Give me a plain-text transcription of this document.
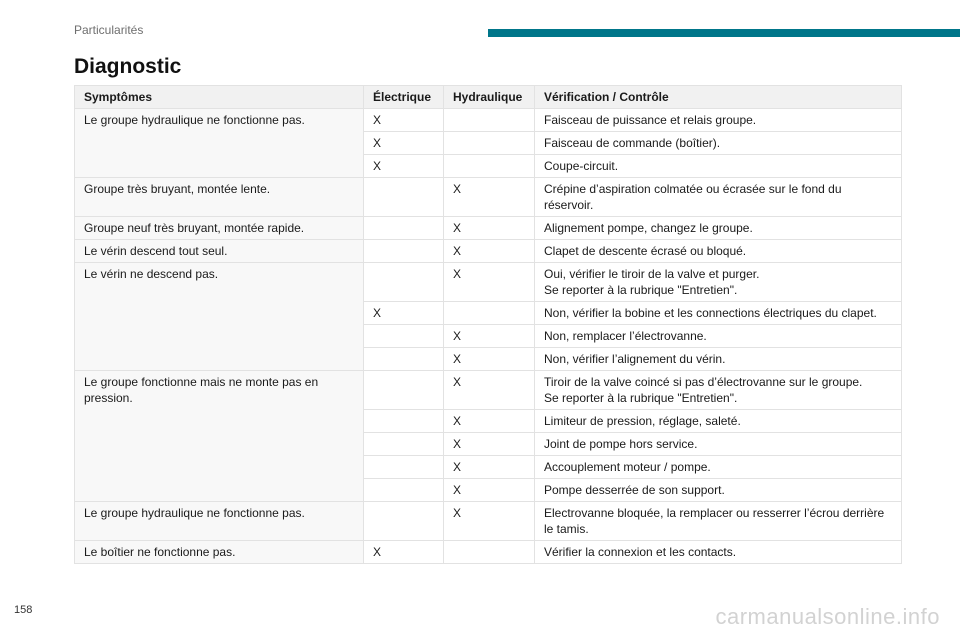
Particularités
Diagnostic
Symptômes	Électrique	Hydraulique	Vérification / Contrôle
Le groupe hydraulique ne fonctionne pas.	X		Faisceau de puissance et relais groupe.
	X		Faisceau de commande (boîtier).
	X		Coupe-circuit.
Groupe très bruyant, montée lente.		X	Crépine d’aspiration colmatée ou écrasée sur le fond du réservoir.
Groupe neuf très bruyant, montée rapide.		X	Alignement pompe, changez le groupe.
Le vérin descend tout seul.		X	Clapet de descente écrasé ou bloqué.
Le vérin ne descend pas.		X	Oui, vérifier le tiroir de la valve et purger.
Se reporter à la rubrique "Entretien".
	X		Non, vérifier la bobine et les connections électriques du clapet.
		X	Non, remplacer l’électrovanne.
		X	Non, vérifier l’alignement du vérin.
Le groupe fonctionne mais ne monte pas en pression.		X	Tiroir de la valve coincé si pas d’électrovanne sur le groupe.
Se reporter à la rubrique "Entretien".
		X	Limiteur de pression, réglage, saleté.
		X	Joint de pompe hors service.
		X	Accouplement moteur / pompe.
		X	Pompe desserrée de son support.
Le groupe hydraulique ne fonctionne pas.		X	Electrovanne bloquée, la remplacer ou resserrer l’écrou derrière le tamis.
Le boîtier ne fonctionne pas.	X		Vérifier la connexion et les contacts.
158	carmanualsonline.info
